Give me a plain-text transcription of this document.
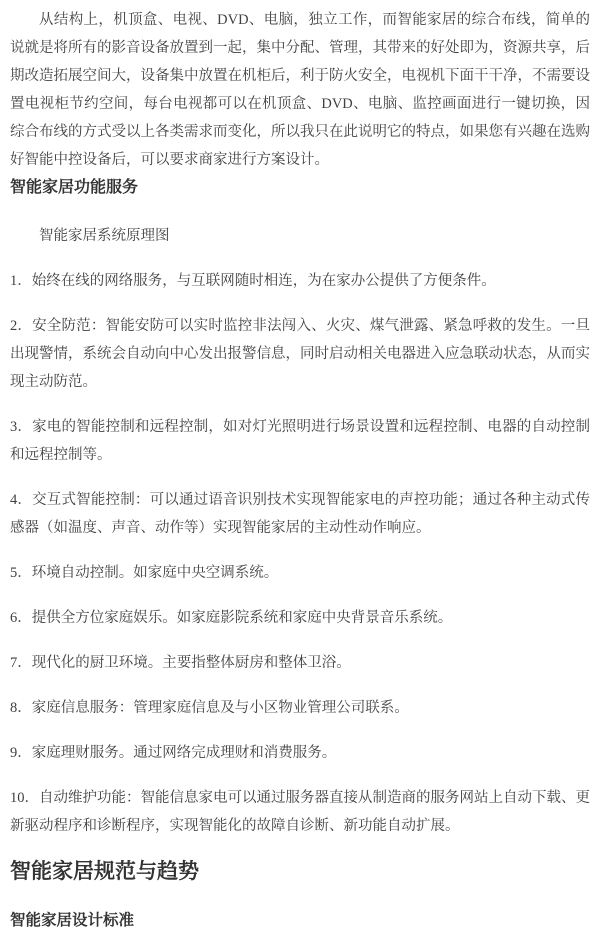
从结构上，机顶盒、电视、DVD、电脑，独立工作，而智能家居的综合布线，简单的说就是将所有的影音设备放置到一起，集中分配、管理，其带来的好处即为，资源共享，后期改造拓展空间大，设备集中放置在机柜后，利于防火安全，电视机下面干干净，不需要设置电视柜节约空间，每台电视都可以在机顶盒、DVD、电脑、监控画面进行一键切换，因综合布线的方式受以上各类需求而变化，所以我只在此说明它的特点，如果您有兴趣在选购好智能中控设备后，可以要求商家进行方案设计。

智能家居功能服务

智能家居系统原理图

1．始终在线的网络服务，与互联网随时相连，为在家办公提供了方便条件。

2．安全防范：智能安防可以实时监控非法闯入、火灾、煤气泄露、紧急呼救的发生。一旦出现警情，系统会自动向中心发出报警信息，同时启动相关电器进入应急联动状态，从而实现主动防范。

3．家电的智能控制和远程控制，如对灯光照明进行场景设置和远程控制、电器的自动控制和远程控制等。

4．交互式智能控制：可以通过语音识别技术实现智能家电的声控功能；通过各种主动式传感器（如温度、声音、动作等）实现智能家居的主动性动作响应。

5．环境自动控制。如家庭中央空调系统。

6．提供全方位家庭娱乐。如家庭影院系统和家庭中央背景音乐系统。

7．现代化的厨卫环境。主要指整体厨房和整体卫浴。

8．家庭信息服务：管理家庭信息及与小区物业管理公司联系。

9．家庭理财服务。通过网络完成理财和消费服务。

10．自动维护功能：智能信息家电可以通过服务器直接从制造商的服务网站上自动下载、更新驱动程序和诊断程序，实现智能化的故障自诊断、新功能自动扩展。

智能家居规范与趋势
智能家居设计标准
